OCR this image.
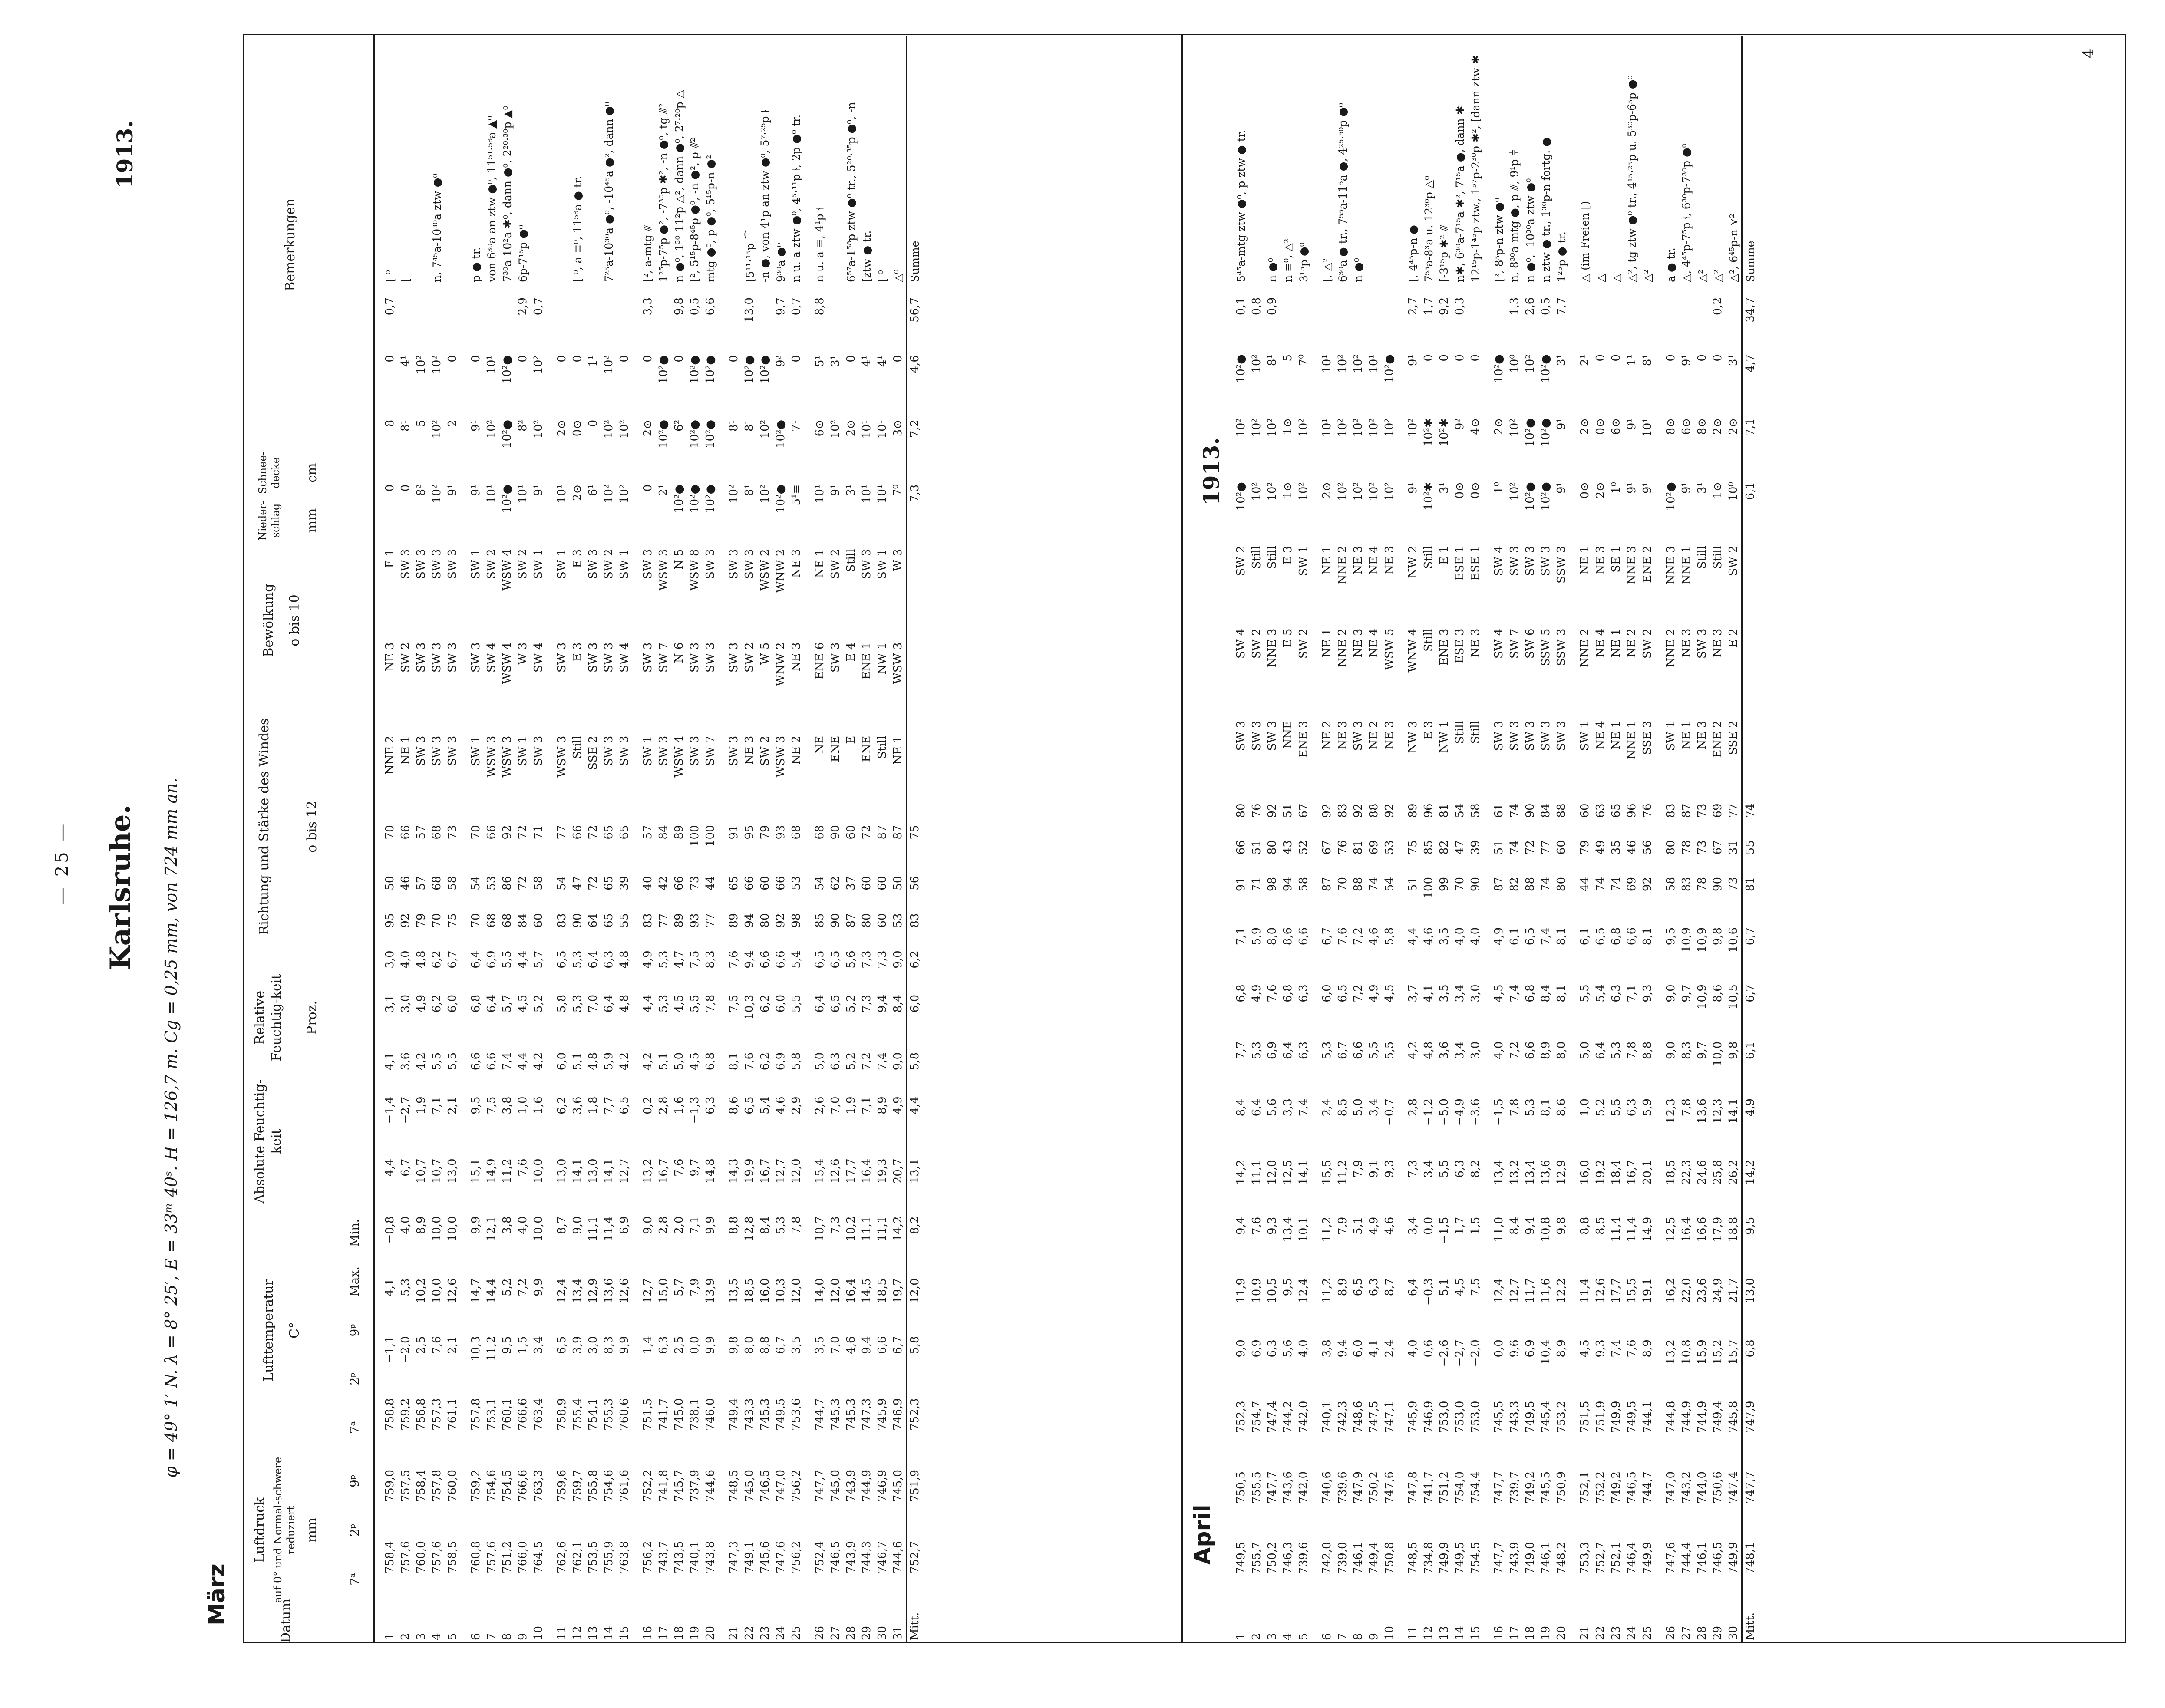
— 25 — Karlsruhe. φ = 49° 1′ N. λ = 8° 25′, E = 33ᵐ 40ˢ. H = 126,7 m. Cg = 0,25 mm, von 724 mm an.
1913.
März	Datum
Luftdruck auf 0° und Normal-schwere reduziert mm
Lufttemperatur C°
Absolute Feuchtig-keit
Relative Feuchtig-keit Proz.
Richtung und Stärke des Windes	o bis 12
Bewölkung o bis 10
Nieder-schlag mm
Schnee-decke cm
Bemerkungen
7ᵃ
2ᵖ
9ᵖ
7ᵃ
2ᵖ
9ᵖ
Max.
Min.
1	758,4	759,0	758,8	−1,1	4,1	−0,8	4,4	−1,4	4,1	3,1	3,0	95	50	70	NNE 2	NE 3	E 1	0	8	0	0,7		⌊ ⁰
2	757,6	757,5	759,2	−2,0	5,3	4,0	6,7	−2,7	3,6	3,0	4,0	92	46	66	NE 1	SW 2	SW 3	0	8¹	4¹			⌊
3	760,0	758,4	756,8	2,5	10,2	8,9	10,7	1,9	4,2	4,9	4,8	79	57	57	SW 3	SW 3	SW 3	8²	5	10²			
4	757,6	757,8	757,3	7,6	10,0	10,0	10,7	7,1	5,5	6,2	6,2	70	68	68	SW 3	SW 3	SW 3	10²	10²	10²			n, 7⁴⁵a-10³⁰a ztw ●⁰
5	758,5	760,0	761,1	2,1	12,6	10,0	13,0	2,1	5,5	6,0	6,7	75	58	73	SW 3	SW 3	SW 3	9¹	2	0			

6	760,8	759,2	757,8	10,3	14,7	9,9	15,1	9,5	6,6	6,8	6,4	70	54	70	SW 1	SW 3	SW 1	9¹	9¹	0			p ● tr.
7	757,6	754,6	753,1	11,2	14,4	12,1	14,9	7,5	6,6	6,4	6,9	68	53	66	WSW 3	SW 4	SW 2	10¹	10²	10¹			von 6³⁰a an ztw ●⁰, 11⁵¹·⁵⁸a ▲⁰
8	751,2	754,5	760,1	9,5	5,2	3,8	11,2	3,8	7,4	5,7	5,5	68	86	92	WSW 3	WSW 4	WSW 4	10²●	10²●	10²●			7³⁰a-10²a ✱⁰, dann ●⁰, 2²⁰·³⁰p ▲⁰
9	766,0	766,6	766,6	1,5	7,2	4,0	7,6	1,0	4,4	4,5	4,4	84	72	72	SW 1	W 3	SW 2	10¹	8²	0	2,9		6p-7¹⁵p ●⁰
10	764,5	763,3	763,4	3,4	9,9	10,0	10,0	1,6	4,2	5,2	5,7	60	58	71	SW 3	SW 4	SW 1	9¹	10²	10²	0,7		

11	762,6	759,6	758,9	6,5	12,4	8,7	13,0	6,2	6,0	5,8	6,5	83	54	77	WSW 3	SW 3	SW 1	10¹	2⊙	0			
12	762,1	759,7	755,4	3,9	13,4	9,0	14,1	3,6	5,1	5,3	5,3	90	47	66	Still	E 3	E 3	2⊙	0⊙	0			⌊ ⁰, a ≡⁰, 11⁵⁸a ● tr.
13	753,5	755,8	754,1	3,0	12,9	11,1	13,0	1,8	4,8	7,0	6,4	64	72	72	SSE 2	SW 3	SW 3	6¹	0	1¹			
14	755,9	754,6	755,3	8,3	13,6	11,4	14,1	7,7	5,9	6,4	6,3	65	65	65	SW 3	SW 3	SW 2	10²	10²	10²			7²⁵a-10³⁰a ●⁰, -10⁴⁵a ●², dann ●⁰
15	763,8	761,6	760,6	9,9	12,6	6,9	12,7	6,5	4,2	4,8	4,8	55	39	65	SW 3	SW 4	SW 1	10²	10²	0			

16	756,2	752,2	751,5	1,4	12,7	9,0	13,2	0,2	4,2	4,4	4,9	83	40	57	SW 1	SW 3	SW 3	0	2⊙	0	3,3		⌊², a-mtg ⫻
17	743,7	741,8	741,7	6,3	15,0	2,8	16,7	2,8	5,1	5,3	5,3	77	42	84	SW 3	SW 7	WSW 3	2¹	10²●	10²●			1²⁵p-7⁵p ●², -7³⁰p ✱², -n ●⁰, tg ⫻²
18	743,5	745,7	745,0	2,5	5,7	2,0	7,6	1,6	5,0	4,5	4,7	89	66	89	WSW 4	N 6	N 5	10²●	6²	0	9,8		n ●⁰, 1³⁰-11²p △², dann ●⁰, 2⁷·²⁰p △
19	740,1	737,9	738,1	0,0	7,9	7,1	9,7	−1,3	4,5	5,5	7,5	93	73	100	SW 3	SW 3	WSW 8	10²●	10²●	10²●	0,5		⌊², 5¹⁵p-8⁴⁵p ●⁰, -n ●², p ⫻²
20	743,8	744,6	746,0	9,9	13,9	9,9	14,8	6,3	6,8	7,8	8,3	77	44	100	SW 7	SW 3	SW 3	10²●	10²●	10²●	6,6		mtg ●⁰, p ●⁰, 5¹⁵p-n ●²

21	747,3	748,5	749,4	9,8	13,5	8,8	14,3	8,6	8,1	7,5	7,6	89	65	91	SW 3	SW 3	SW 3	10²	8¹	0			
22	749,1	745,0	743,3	8,0	18,5	12,8	19,9	6,5	7,6	10,3	9,4	94	66	95	NE 3	SW 2	SW 3	8¹	8¹	10²●	13,0		[5¹¹·¹⁵p ⌒
23	745,6	746,5	745,3	8,8	16,0	8,4	16,7	5,4	6,2	6,2	6,6	80	60	79	SW 2	W 5	WSW 2	10²	10²	10²●			-n ●, von 4¹p an ztw ●⁰, 5⁷·²⁵p ⫮
24	747,6	747,0	749,5	6,7	10,3	5,3	12,7	4,6	6,9	6,0	6,6	92	66	93	WSW 3	WNW 2	WNW 2	10²●	10²●	9²	9,7		9³⁰a ●⁰
25	756,2	756,2	753,6	3,5	12,0	7,8	12,0	2,9	5,8	5,5	5,4	98	53	68	NE 2	NE 3	NE 3	5¹≡	7¹	0	0,7		n u. a ztw ●⁰, 4⁵·¹¹p ⫮, 2p ●⁰ tr.

26	752,4	747,7	744,7	3,5	14,0	10,7	15,4	2,6	5,0	6,4	6,5	85	54	68	NE	ENE 6	NE 1	10¹	6⊙	5¹	8,8		n u. a ≡, 4¹p ⫮
27	746,5	745,0	745,3	7,0	12,0	7,3	12,6	7,0	6,3	6,5	6,5	90	62	90	ENE	SW 3	SW 2	9¹	10²	3¹			
28	743,9	743,9	745,3	4,6	16,4	10,2	17,7	1,9	5,2	5,2	5,6	87	37	60	E	E 4	Still	3¹	2⊙	0			6⁵⁷a-1⁵⁸p ztw ●⁰ tr., 5²⁰·³⁵p ●⁰, -n
29	744,3	744,9	747,3	9,4	14,5	11,1	16,4	7,1	7,2	7,3	7,3	80	60	72	ENE	ENE 1	SW 3	10¹	10¹	4¹			[ztw ● tr.
30	746,7	746,9	745,9	6,6	18,5	11,1	19,3	8,9	7,4	9,4	7,3	60	60	87	Still	NW 1	SW 1	10¹	10¹	4¹			⌊ ⁰
31	744,6	745,0	746,9	6,7	19,7	14,2	20,7	4,9	9,0	8,4	9,0	53	50	87	NE 1	WSW 3	W 3	7⁰	3⊙	0			△⁰
Mitt.	752,7	751,9	752,3	5,8	12,0	8,2	13,1	4,4	5,8	6,0	6,2	83	56	75				7,3	7,2	4,6	56,7		Summe
April
1913.
1	749,5	750,5	752,3	9,0	11,9	9,4	14,2	8,4	7,7	6,8	7,1	91	66	80	SW 3	SW 4	SW 2	10²●	10²	10²●	0,1		5⁴⁵a-mtg ztw ●⁰, p ztw ● tr.
2	755,7	755,5	754,7	6,9	10,9	7,6	11,1	6,4	5,3	4,9	5,9	71	51	76	SW 3	SW 2	Still	10²	10²	10²	0,8		
3	750,2	747,7	747,4	6,3	10,5	9,3	12,0	5,6	6,9	7,6	8,0	98	80	92	SW 3	NNE 3	Still	10²	10²	8¹	0,9		n ●⁰
4	746,3	743,6	744,2	5,6	9,5	13,4	12,5	3,3	6,4	6,8	8,6	94	43	51	NNE	E 5	E 3	1⊙	1⊙	5			n ≡⁰, △²
5	739,6	742,0	742,0	4,0	12,4	10,1	14,1	7,4	6,3	6,3	6,6	58	52	67	ENE 3	SW 2	SW 1	10²	10²	7⁰			3¹⁵p ●⁰

6	742,0	740,6	740,1	3,8	11,2	11,2	15,5	2,4	5,3	6,0	6,7	87	67	92	NE 2	NE 1	NE 1	2⊙	10¹	10¹			⌊, △²
7	739,0	739,6	742,3	9,4	8,9	7,9	11,2	8,5	6,7	6,5	7,6	70	76	83	NE 3	NNE 2	NNE 2	10²	10²	10²			6³⁰a ● tr., 7⁵⁵a-11⁵a ●, 4²⁵·⁵⁰p ●⁰
8	746,1	747,9	748,6	6,0	6,5	5,1	7,9	5,0	6,6	7,2	7,2	88	81	92	SW 3	NE 3	NE 3	10²	10²	10²			n ●⁰
9	749,4	750,2	747,5	4,1	6,3	4,9	9,1	3,4	5,5	4,9	4,6	74	69	88	NE 2	NE 4	NE 4	10²	10²	10¹			
10	750,8	747,6	747,1	2,4	8,7	4,6	9,3	−0,7	5,5	4,5	5,8	54	53	92	NE 3	WSW 5	NE 3	10²	10²	10²●			

11	748,5	747,8	745,9	4,0	6,4	3,4	7,3	2,8	4,2	3,7	4,4	51	75	89	NW 3	WNW 4	NW 2	9¹	10²	9¹	2,7		⌊, 4⁴⁵p-n ●
12	734,8	741,7	746,9	0,6	−0,3	0,0	3,4	−1,2	4,8	4,1	4,6	100	85	96	E 3	Still	Still	10²✱	10²✱	0	1,7		7⁵⁵a-8³a u. 12³⁰p △⁰
13	749,9	751,2	753,0	−2,6	5,1	−1,5	5,5	−5,0	3,6	3,5	3,5	99	82	81	NW 1	ENE 3	E 1	3¹	10²✱	0	9,2		[-3¹⁵p ✱² ⫻
14	749,5	754,0	753,0	−2,7	4,5	1,7	6,3	−4,9	3,4	3,4	4,0	70	47	54	Still	ESE 3	ESE 1	0⊙	9²	0	0,3		n✱, 6³⁰a-7¹⁵a ✱², 7¹⁵a ●, dann ✱
15	754,5	754,4	753,0	−2,0	7,5	1,5	8,2	−3,6	3,0	3,0	4,0	90	39	58	Still	NE 3	ESE 1	0⊙	4⊙	0			12¹⁵p-1⁴⁵p ztw., 1⁵⁷p-2³⁰p ✱², [dann ztw ✱

16	747,7	747,7	745,5	0,0	12,4	11,0	13,4	−1,5	4,0	4,5	4,9	87	51	61	SW 3	SW 4	SW 4	1⁰	2⊙	10²●			⌊², 8⁵p-n ztw ●⁰
17	743,9	739,7	743,3	9,6	12,7	8,4	13,2	7,8	7,2	7,4	6,1	82	74	74	SW 3	SW 7	SW 3	10²	10²	10⁰	1,3		n, 8³⁰a-mtg ●, p ⫻, 9¹p ⫩
18	749,0	749,2	749,5	6,9	11,7	9,4	13,4	5,3	6,6	6,8	6,5	88	72	90	SW 3	SW 6	SW 3	10²●	10²●	10²	2,6		n ●⁰, -10³⁰a ztw ●⁰
19	746,1	745,5	745,4	10,4	11,6	10,8	13,6	8,1	8,9	8,4	7,4	74	77	84	SW 3	SSW 5	SW 3	10²●	10²●	10²●	0,5		n ztw ● tr., 1³⁰p-n fortg. ●
20	748,2	750,9	753,2	8,9	12,2	9,8	12,9	8,6	8,0	8,1	8,1	80	60	88	SW 3	SSW 3	SSW 3	9¹	9¹	3¹	7,7		1²⁵p ● tr.

21	753,3	752,1	751,5	4,5	11,4	8,8	16,0	1,0	5,0	5,5	6,1	44	79	60	SW 1	NNE 2	NE 1	0⊙	2⊙	2¹			△ (im Freien ⌊)
22	752,7	752,2	751,9	9,3	12,6	8,5	19,2	5,2	6,4	5,4	6,5	74	49	63	NE 4	NE 4	NE 3	2⊙	0⊙	0			△
23	752,1	749,2	749,9	7,4	17,7	11,4	18,4	5,5	5,3	6,3	6,8	74	35	65	NE 1	NE 1	SE 1	1⁰	6⊙	0			△
24	746,4	746,5	749,5	7,6	15,5	11,4	16,7	6,3	7,8	7,1	6,6	69	46	96	NNE 1	NE 2	NNE 3	9¹	9¹	1¹			△², tg ztw ●⁰ tr., 4¹⁵·²⁵p u. 5³⁰p-6⁵p ●⁰
25	749,9	744,7	744,1	8,9	19,1	14,9	20,1	5,9	8,8	9,3	8,1	92	56	76	SSE 3	SW 2	ENE 2	9¹	10¹	8¹			△²

26	747,6	747,0	744,8	13,2	16,2	12,5	18,5	12,3	9,0	9,0	9,5	58	80	83	SW 1	NNE 2	NNE 3	10²●	8⊙	0			a ● tr.
27	744,4	743,2	744,9	10,8	22,0	16,4	22,3	7,8	8,3	9,7	10,9	83	78	87	NE 1	NE 3	NNE 1	9¹	6⊙	9¹			△, 4⁴⁵p-7⁵p ⫮, 6³⁰p-7³⁰p ●⁰
28	746,1	744,0	744,9	15,9	23,6	16,6	24,6	13,6	9,7	10,9	10,9	78	73	73	NE 3	SW 3	Still	3¹	8⊙	0			△²
29	746,5	750,6	749,4	15,2	24,9	17,9	25,8	12,3	10,0	8,6	9,8	90	67	69	ENE 2	NE 3	Still	1⊙	2⊙	0	0,2		△²
30	749,9	747,4	745,8	15,7	21,7	18,8	26,2	14,1	9,8	10,5	10,6	73	31	77	SSE 2	E 2	SW 2	10⁰	2⊙	3¹			△², 6⁴⁵p-n ⋎²
Mitt.	748,1	747,7	747,9	6,8	13,0	9,5	14,2	4,9	6,1	6,7	6,7	81	55	74				6,1	7,1	4,7	34,7		Summe
4
